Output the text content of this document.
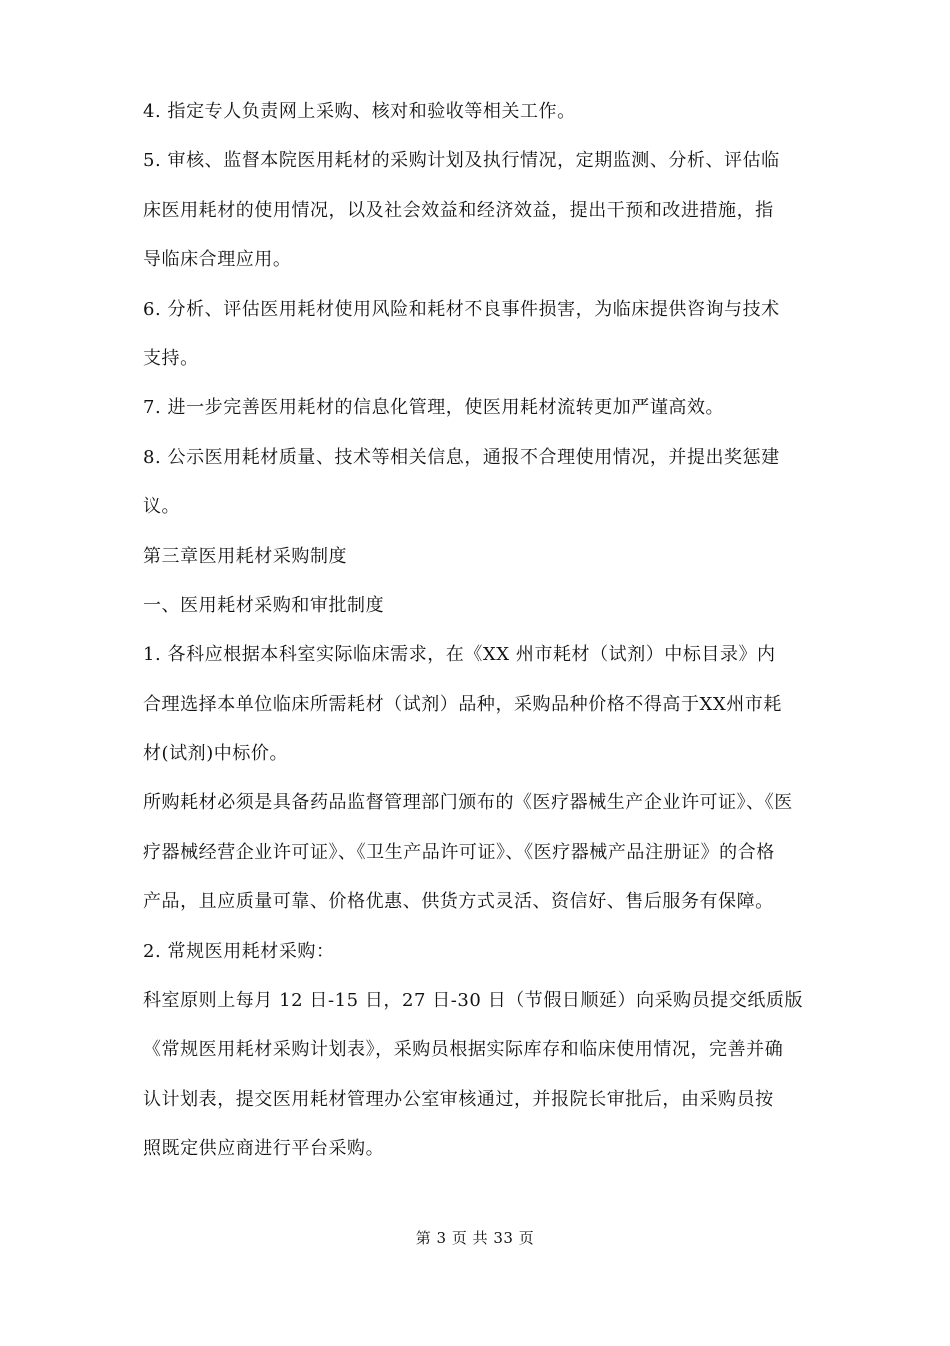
4. 指定专人负责网上采购、核对和验收等相关工作。
5. 审核、监督本院医用耗材的采购计划及执行情况，定期监测、分析、评估临
床医用耗材的使用情况，以及社会效益和经济效益，提出干预和改进措施，指
导临床合理应用。
6. 分析、评估医用耗材使用风险和耗材不良事件损害，为临床提供咨询与技术
支持。
7. 进一步完善医用耗材的信息化管理，使医用耗材流转更加严谨高效。
8. 公示医用耗材质量、技术等相关信息，通报不合理使用情况，并提出奖惩建
议。
第三章医用耗材采购制度
一、医用耗材采购和审批制度
1. 各科应根据本科室实际临床需求，在《XX 州市耗材（试剂）中标目录》内
合理选择本单位临床所需耗材（试剂）品种，采购品种价格不得高于XX州市耗
材(试剂)中标价。
所购耗材必须是具备药品监督管理部门颁布的《医疗器械生产企业许可证》、《医
疗器械经营企业许可证》、《卫生产品许可证》、《医疗器械产品注册证》的合格
产品，且应质量可靠、价格优惠、供货方式灵活、资信好、售后服务有保障。
2. 常规医用耗材采购：
科室原则上每月 12 日-15 日，27 日-30 日（节假日顺延）向采购员提交纸质版
《常规医用耗材采购计划表》，采购员根据实际库存和临床使用情况，完善并确
认计划表，提交医用耗材管理办公室审核通过，并报院长审批后，由采购员按
照既定供应商进行平台采购。
第 3 页 共 33 页
